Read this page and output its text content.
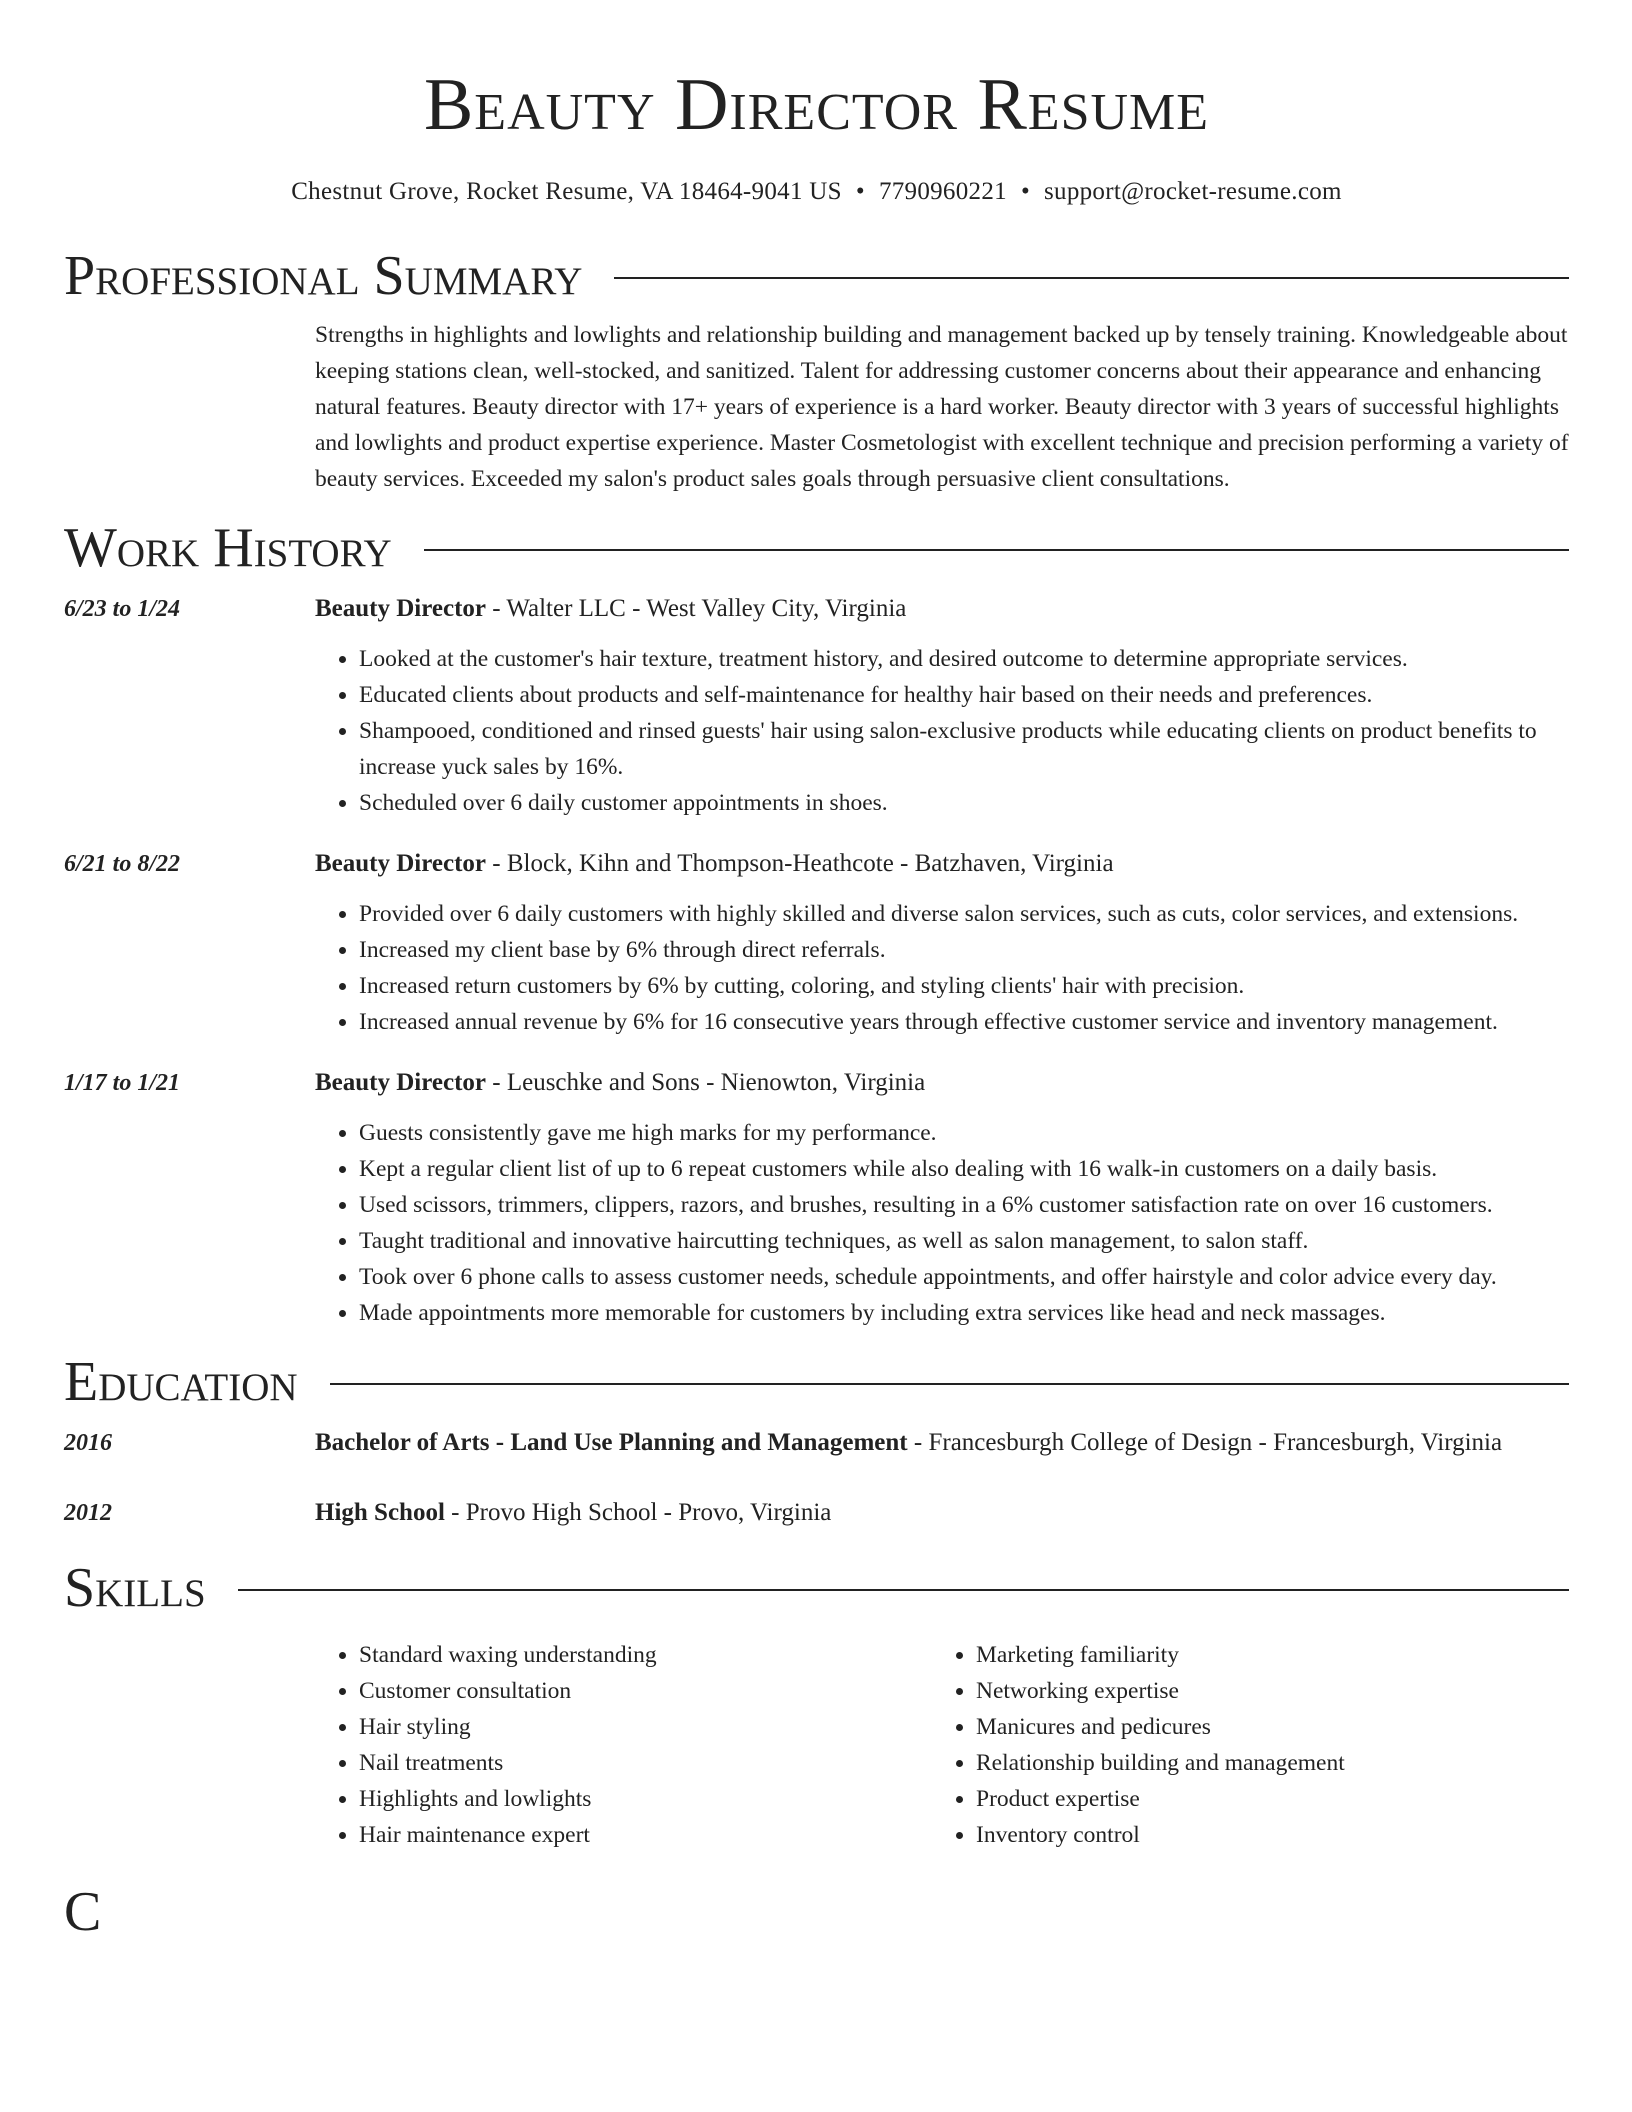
Beauty Director Resume
Chestnut Grove, Rocket Resume, VA 18464-9041 US • 7790960221 • support@rocket-resume.com
Professional Summary
Strengths in highlights and lowlights and relationship building and management backed up by tensely training. Knowledgeable about keeping stations clean, well-stocked, and sanitized. Talent for addressing customer concerns about their appearance and enhancing natural features. Beauty director with 17+ years of experience is a hard worker. Beauty director with 3 years of successful highlights and lowlights and product expertise experience. Master Cosmetologist with excellent technique and precision performing a variety of beauty services. Exceeded my salon's product sales goals through persuasive client consultations.
Work History
6/23 to 1/24	Beauty Director - Walter LLC - West Valley City, Virginia
• Looked at the customer's hair texture, treatment history, and desired outcome to determine appropriate services.
• Educated clients about products and self-maintenance for healthy hair based on their needs and preferences.
• Shampooed, conditioned and rinsed guests' hair using salon-exclusive products while educating clients on product benefits to increase yuck sales by 16%.
• Scheduled over 6 daily customer appointments in shoes.
6/21 to 8/22	Beauty Director - Block, Kihn and Thompson-Heathcote - Batzhaven, Virginia
• Provided over 6 daily customers with highly skilled and diverse salon services, such as cuts, color services, and extensions.
• Increased my client base by 6% through direct referrals.
• Increased return customers by 6% by cutting, coloring, and styling clients' hair with precision.
• Increased annual revenue by 6% for 16 consecutive years through effective customer service and inventory management.
1/17 to 1/21	Beauty Director - Leuschke and Sons - Nienowton, Virginia
• Guests consistently gave me high marks for my performance.
• Kept a regular client list of up to 6 repeat customers while also dealing with 16 walk-in customers on a daily basis.
• Used scissors, trimmers, clippers, razors, and brushes, resulting in a 6% customer satisfaction rate on over 16 customers.
• Taught traditional and innovative haircutting techniques, as well as salon management, to salon staff.
• Took over 6 phone calls to assess customer needs, schedule appointments, and offer hairstyle and color advice every day.
• Made appointments more memorable for customers by including extra services like head and neck massages.
Education
2016	Bachelor of Arts - Land Use Planning and Management - Francesburgh College of Design - Francesburgh, Virginia
2012	High School - Provo High School - Provo, Virginia
Skills
• Standard waxing understanding
• Customer consultation
• Hair styling
• Nail treatments
• Highlights and lowlights
• Hair maintenance expert
• Marketing familiarity
• Networking expertise
• Manicures and pedicures
• Relationship building and management
• Product expertise
• Inventory control
C
